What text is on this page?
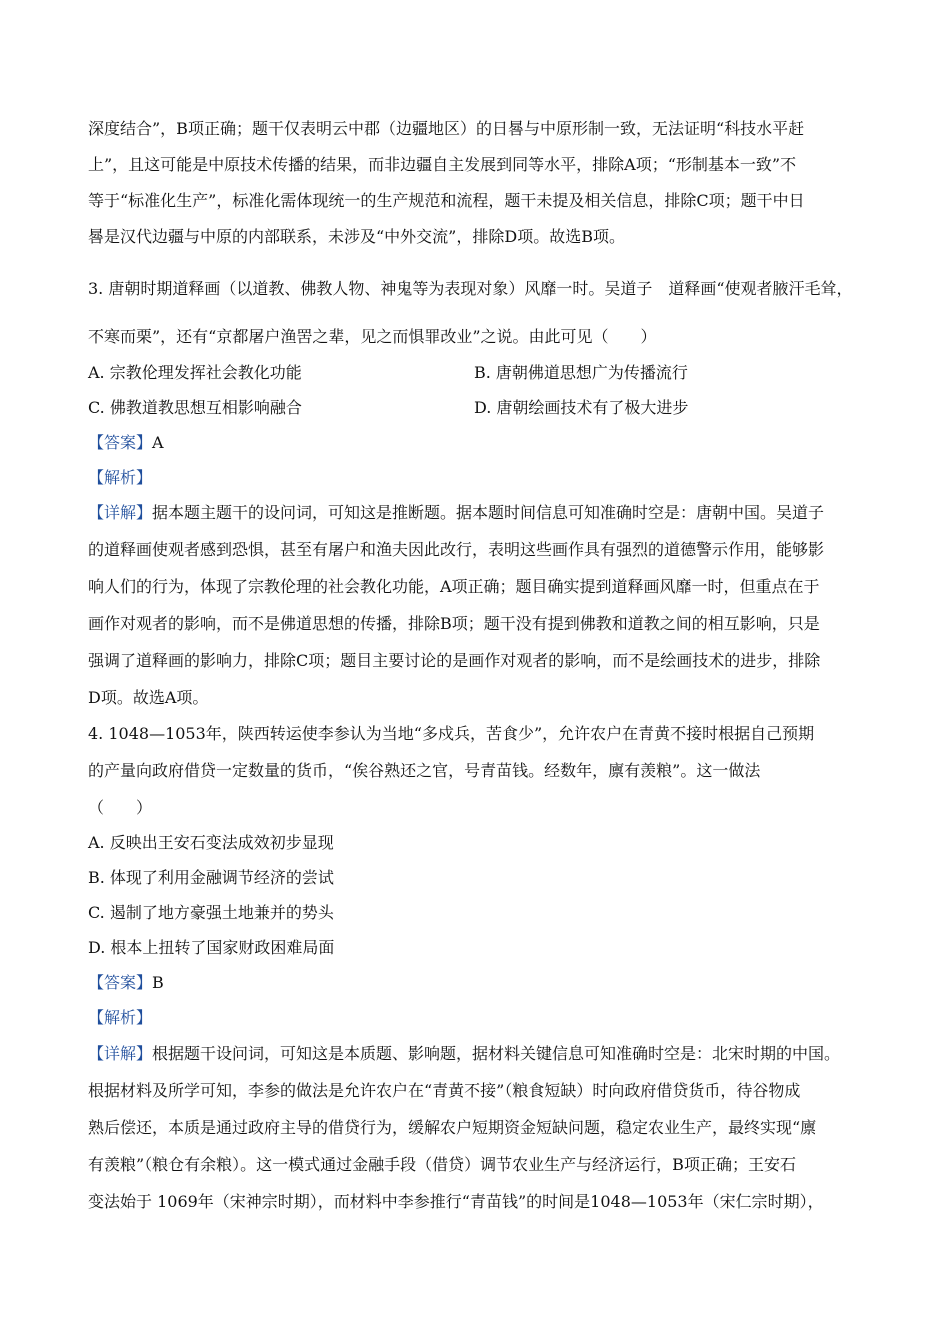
深度结合”，B项正确；题干仅表明云中郡（边疆地区）的日晷与中原形制一致，无法证明“科技水平赶
上”，且这可能是中原技术传播的结果，而非边疆自主发展到同等水平，排除A项；“形制基本一致”不
等于“标准化生产”，标准化需体现统一的生产规范和流程，题干未提及相关信息，排除C项；题干中日
晷是汉代边疆与中原的内部联系，未涉及“中外交流”，排除D项。故选B项。
3. 唐朝时期道释画（以道教、佛教人物、神鬼等为表现对象）风靡一时。吴道子　道释画“使观者腋汗毛耸，
不寒而栗”，还有“京都屠户渔罟之辈，见之而惧罪改业”之说。由此可见（　　）
A. 宗教伦理发挥社会教化功能	B. 唐朝佛道思想广为传播流行
C. 佛教道教思想互相影响融合	D. 唐朝绘画技术有了极大进步
【答案】A
【解析】
【详解】据本题主题干的设问词，可知这是推断题。据本题时间信息可知准确时空是：唐朝中国。吴道子
的道释画使观者感到恐惧，甚至有屠户和渔夫因此改行，表明这些画作具有强烈的道德警示作用，能够影
响人们的行为，体现了宗教伦理的社会教化功能，A项正确；题目确实提到道释画风靡一时，但重点在于
画作对观者的影响，而不是佛道思想的传播，排除B项；题干没有提到佛教和道教之间的相互影响，只是
强调了道释画的影响力，排除C项；题目主要讨论的是画作对观者的影响，而不是绘画技术的进步，排除
D项。故选A项。
4. 1048—1053年，陕西转运使李参认为当地“多戍兵，苦食少”，允许农户在青黄不接时根据自己预期
的产量向政府借贷一定数量的货币，“俟谷熟还之官，号青苗钱。经数年，廪有羡粮”。这一做法
（　　）
A. 反映出王安石变法成效初步显现
B. 体现了利用金融调节经济的尝试
C. 遏制了地方豪强土地兼并的势头
D. 根本上扭转了国家财政困难局面
【答案】B
【解析】
【详解】根据题干设问词，可知这是本质题、影响题，据材料关键信息可知准确时空是：北宋时期的中国。
根据材料及所学可知，李参的做法是允许农户在“青黄不接”（粮食短缺）时向政府借贷货币，待谷物成
熟后偿还，本质是通过政府主导的借贷行为，缓解农户短期资金短缺问题，稳定农业生产，最终实现“廪
有羡粮”（粮仓有余粮）。这一模式通过金融手段（借贷）调节农业生产与经济运行，B项正确；王安石
变法始于 1069年（宋神宗时期），而材料中李参推行“青苗钱”的时间是1048—1053年（宋仁宗时期），
